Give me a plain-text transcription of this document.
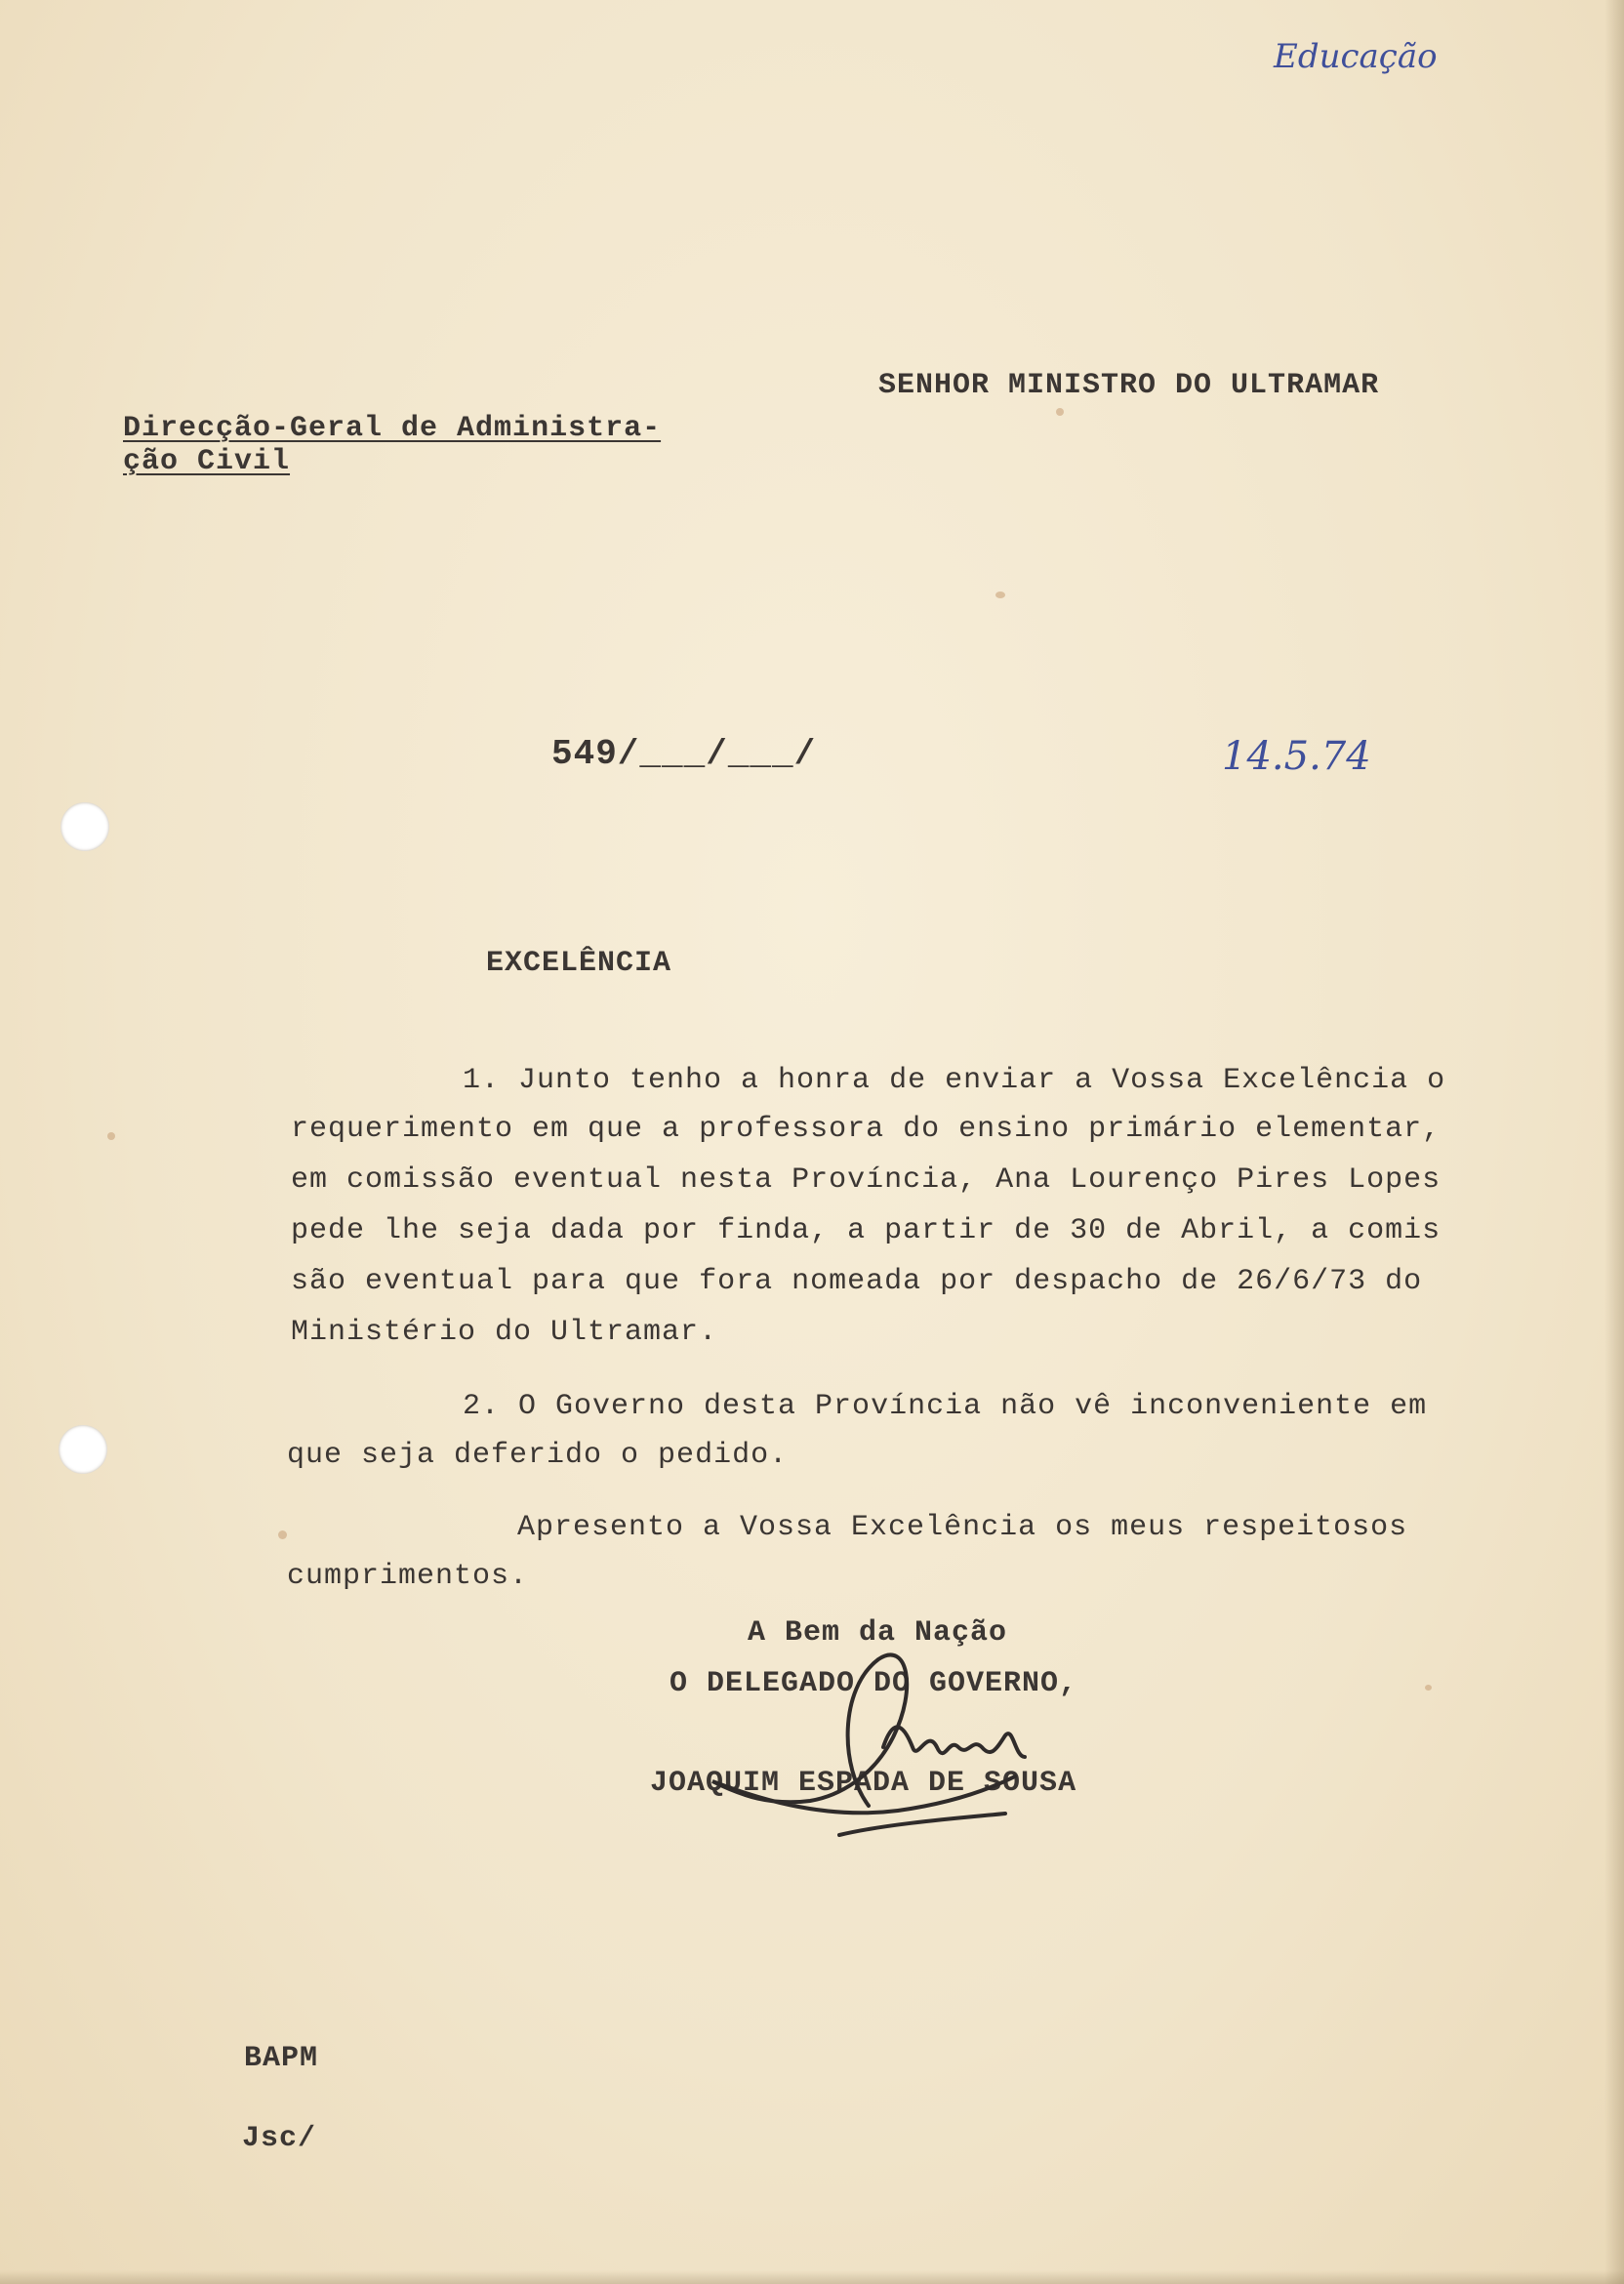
Educação
SENHOR MINISTRO DO ULTRAMAR
Direcção-Geral de Administra-
ção Civil
549/___/___/	14.5.74
EXCELÊNCIA
1. Junto tenho a honra de enviar a Vossa Excelência o
requerimento em que a professora do ensino primário elementar,
em comissão eventual nesta Província, Ana Lourenço Pires Lopes
pede lhe seja dada por finda, a partir de 30 de Abril, a comis
são eventual para que fora nomeada por despacho de 26/6/73 do
Ministério do Ultramar.
2. O Governo desta Província não vê inconveniente em
que seja deferido o pedido.
Apresento a Vossa Excelência os meus respeitosos
cumprimentos.
A Bem da Nação
O DELEGADO DO GOVERNO,
JOAQUIM ESPADA DE SOUSA
BAPM
Jsc/
